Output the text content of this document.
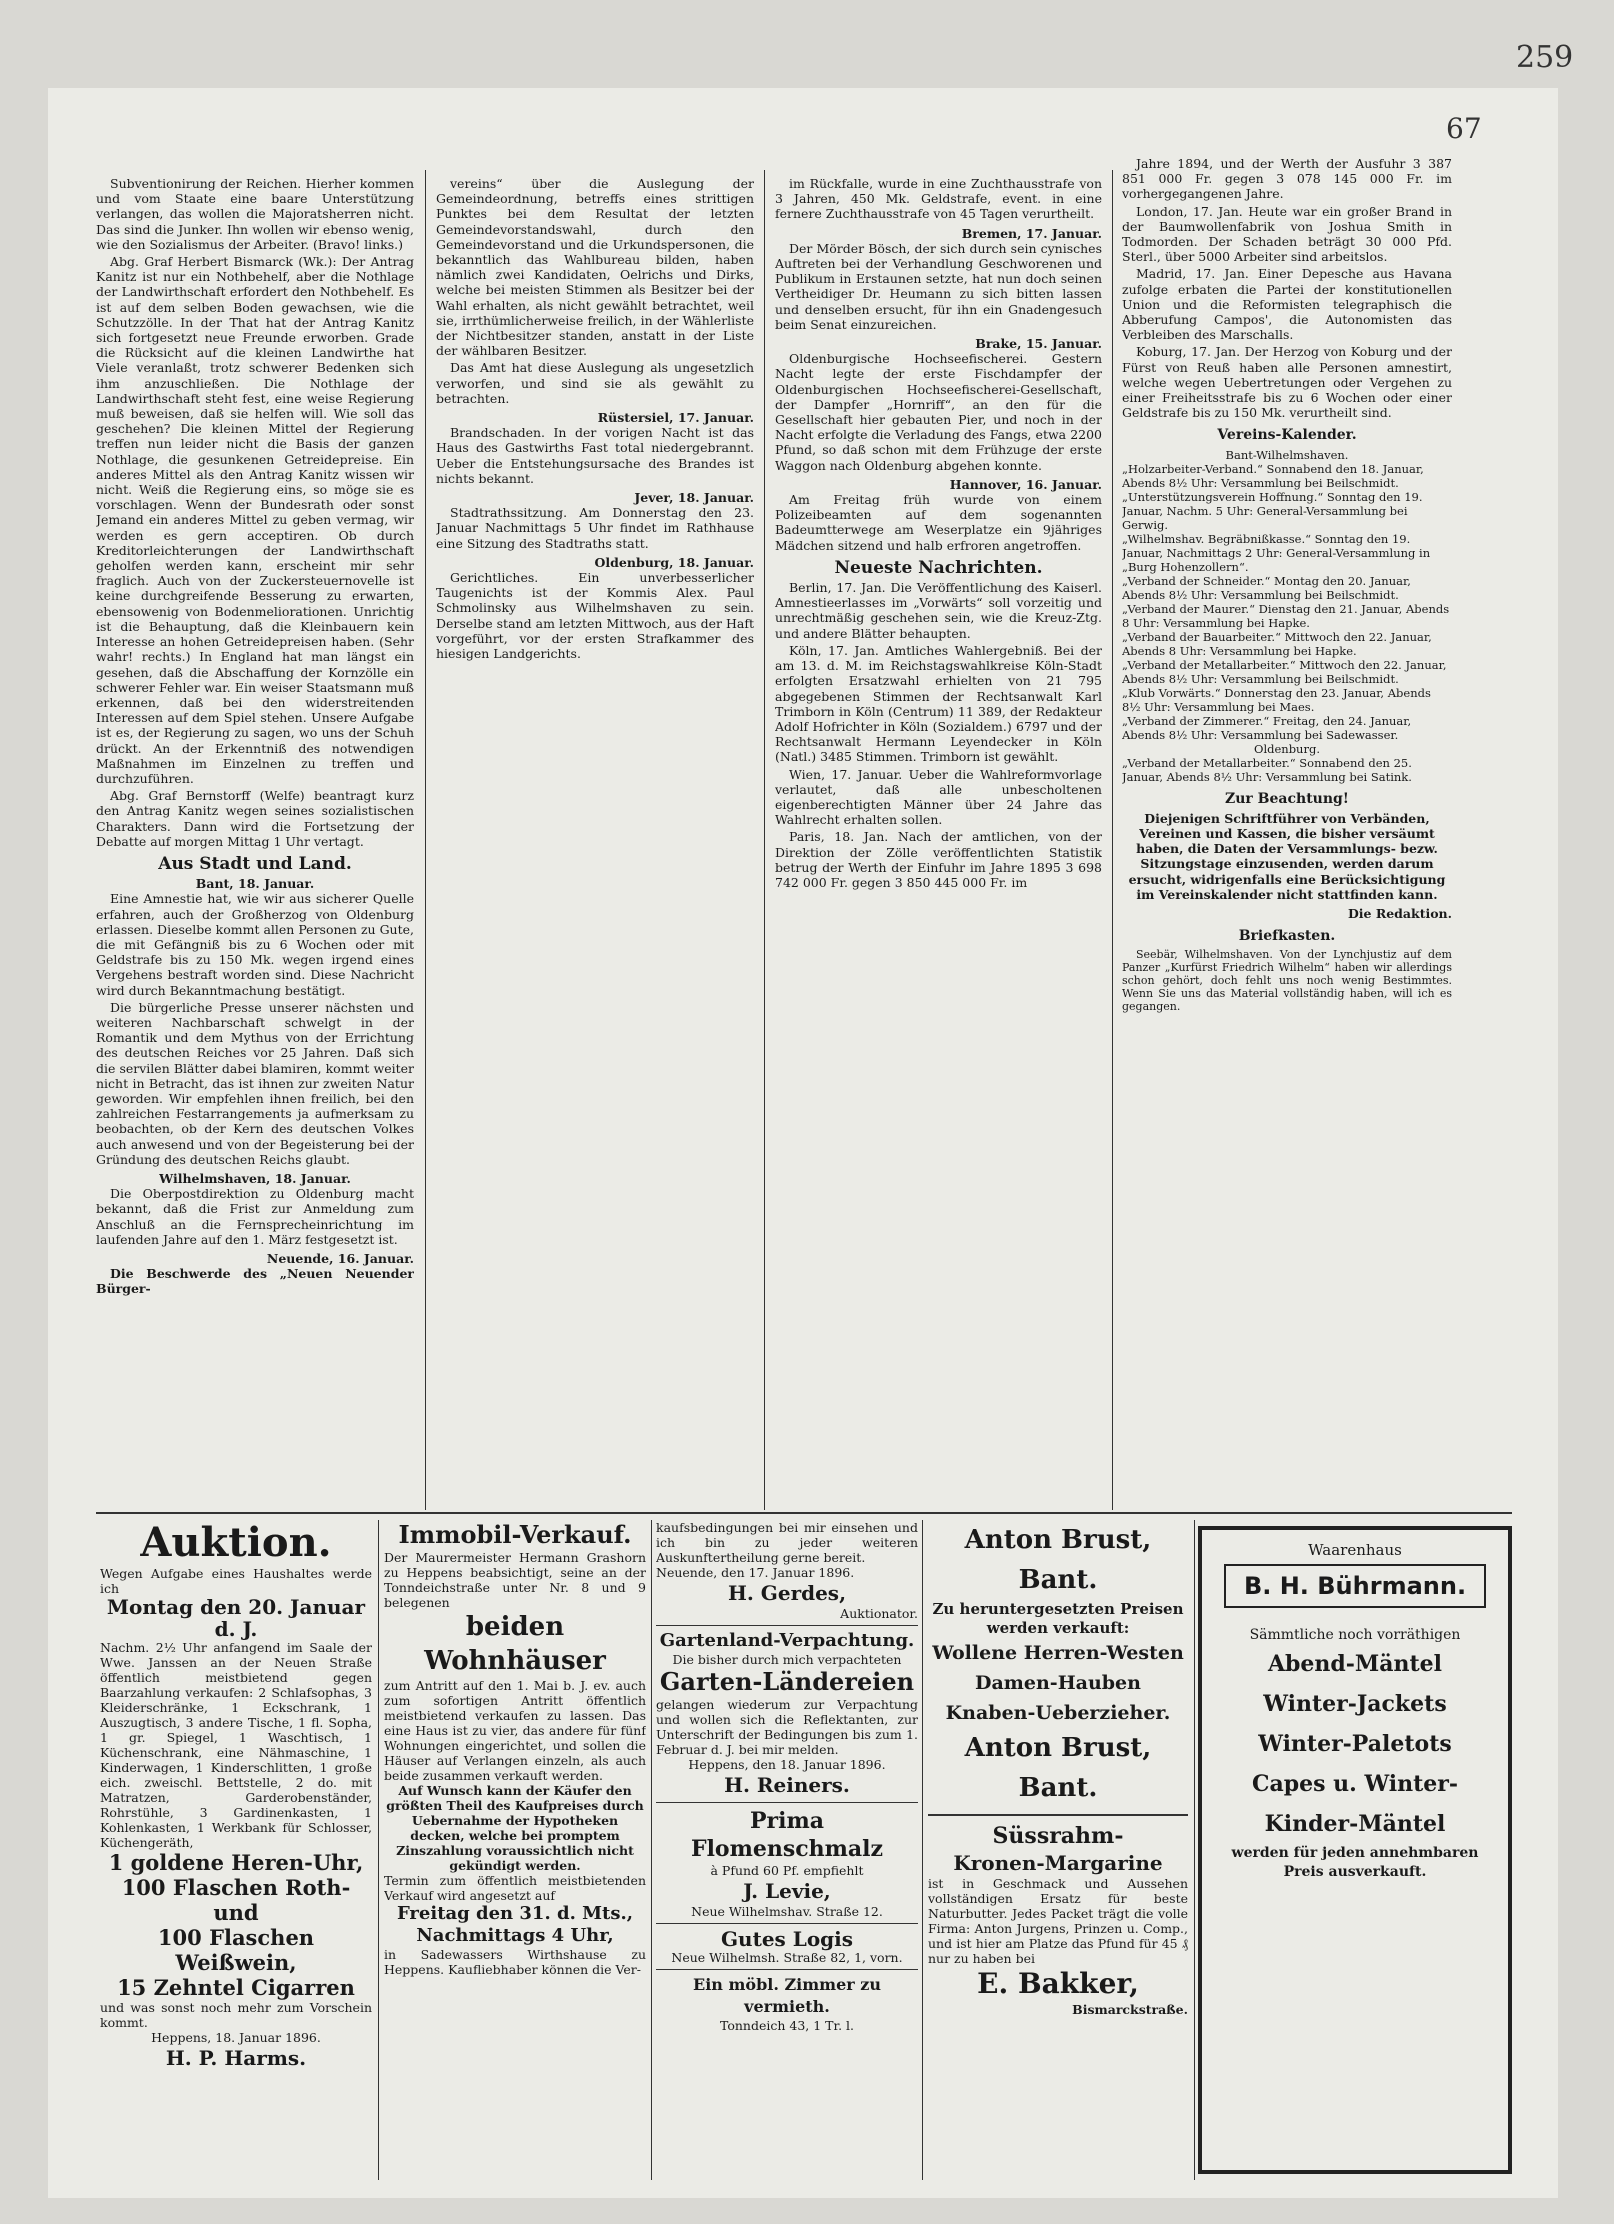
259
67

Subventionirung der Reichen. Hierher kommen und vom Staate eine baare Unterstützung verlangen, das wollen die Majoratsherren nicht. Das sind die Junker. Ihn wollen wir ebenso wenig, wie den Sozialismus der Arbeiter. (Bravo! links.)

Abg. Graf Herbert Bismarck (Wk.): Der Antrag Kanitz ist nur ein Nothbehelf, aber die Nothlage der Landwirthschaft erfordert den Nothbehelf. Es ist auf dem selben Boden gewachsen, wie die Schutzzölle. In der That hat der Antrag Kanitz sich fortgesetzt neue Freunde erworben. Grade die Rücksicht auf die kleinen Landwirthe hat Viele veranlaßt, trotz schwerer Bedenken sich ihm anzuschließen. Die Nothlage der Landwirthschaft steht fest, eine weise Regierung muß beweisen, daß sie helfen will. Wie soll das geschehen? Die kleinen Mittel der Regierung treffen nun leider nicht die Basis der ganzen Nothlage, die gesunkenen Getreidepreise. Ein anderes Mittel als den Antrag Kanitz wissen wir nicht. Weiß die Regierung eins, so möge sie es vorschlagen. Wenn der Bundesrath oder sonst Jemand ein anderes Mittel zu geben vermag, wir werden es gern acceptiren. Ob durch Kreditorleichterungen der Landwirthschaft geholfen werden kann, erscheint mir sehr fraglich. Auch von der Zuckersteuernovelle ist keine durchgreifende Besserung zu erwarten, ebensowenig von Bodenmeliorationen. Unrichtig ist die Behauptung, daß die Kleinbauern kein Interesse an hohen Getreidepreisen haben. (Sehr wahr! rechts.) In England hat man längst ein gesehen, daß die Abschaffung der Kornzölle ein schwerer Fehler war. Ein weiser Staatsmann muß erkennen, daß bei den widerstreitenden Interessen auf dem Spiel stehen. Unsere Aufgabe ist es, der Regierung zu sagen, wo uns der Schuh drückt. An der Erkenntniß des notwendigen Maßnahmen im Einzelnen zu treffen und durchzuführen.

Abg. Graf Bernstorff (Welfe) beantragt kurz den Antrag Kanitz wegen seines sozialistischen Charakters. Dann wird die Fortsetzung der Debatte auf morgen Mittag 1 Uhr vertagt.

Aus Stadt und Land.
Bant, 18. Januar.

Eine Amnestie hat, wie wir aus sicherer Quelle erfahren, auch der Großherzog von Oldenburg erlassen. Dieselbe kommt allen Personen zu Gute, die mit Gefängniß bis zu 6 Wochen oder mit Geldstrafe bis zu 150 Mk. wegen irgend eines Vergehens bestraft worden sind. Diese Nachricht wird durch Bekanntmachung bestätigt.

Die bürgerliche Presse unserer nächsten und weiteren Nachbarschaft schwelgt in der Romantik und dem Mythus von der Errichtung des deutschen Reiches vor 25 Jahren. Daß sich die servilen Blätter dabei blamiren, kommt weiter nicht in Betracht, das ist ihnen zur zweiten Natur geworden. Wir empfehlen ihnen freilich, bei den zahlreichen Festarrangements ja aufmerksam zu beobachten, ob der Kern des deutschen Volkes auch anwesend und von der Begeisterung bei der Gründung des deutschen Reichs glaubt.

Wilhelmshaven, 18. Januar.

Die Oberpostdirektion zu Oldenburg macht bekannt, daß die Frist zur Anmeldung zum Anschluß an die Fernsprecheinrichtung im laufenden Jahre auf den 1. März festgesetzt ist.

Neuende, 16. Januar.

Die Beschwerde des „Neuen Neuender Bürger-

vereins“ über die Auslegung der Gemeindeordnung, betreffs eines strittigen Punktes bei dem Resultat der letzten Gemeindevorstandswahl, durch den Gemeindevorstand und die Urkundspersonen, die bekanntlich das Wahlbureau bilden, haben nämlich zwei Kandidaten, Oelrichs und Dirks, welche bei meisten Stimmen als Besitzer bei der Wahl erhalten, als nicht gewählt betrachtet, weil sie, irrthümlicherweise freilich, in der Wählerliste der Nichtbesitzer standen, anstatt in der Liste der wählbaren Besitzer.

Das Amt hat diese Auslegung als ungesetzlich verworfen, und sind sie als gewählt zu betrachten.

Rüstersiel, 17. Januar.

Brandschaden. In der vorigen Nacht ist das Haus des Gastwirths Fast total niedergebrannt. Ueber die Entstehungsursache des Brandes ist nichts bekannt.

Jever, 18. Januar.

Stadtrathssitzung. Am Donnerstag den 23. Januar Nachmittags 5 Uhr findet im Rathhause eine Sitzung des Stadtraths statt.

Oldenburg, 18. Januar.

Gerichtliches. Ein unverbesserlicher Taugenichts ist der Kommis Alex. Paul Schmolinsky aus Wilhelmshaven zu sein. Derselbe stand am letzten Mittwoch, aus der Haft vorgeführt, vor der ersten Strafkammer des hiesigen Landgerichts.

im Rückfalle, wurde in eine Zuchthausstrafe von 3 Jahren, 450 Mk. Geldstrafe, event. in eine fernere Zuchthausstrafe von 45 Tagen verurtheilt.

Bremen, 17. Januar.

Der Mörder Bösch, der sich durch sein cynisches Auftreten bei der Verhandlung Geschworenen und Publikum in Erstaunen setzte, hat nun doch seinen Vertheidiger Dr. Heumann zu sich bitten lassen und denselben ersucht, für ihn ein Gnadengesuch beim Senat einzureichen.

Brake, 15. Januar.

Oldenburgische Hochseefischerei. Gestern Nacht legte der erste Fischdampfer der Oldenburgischen Hochseefischerei-Gesellschaft, der Dampfer „Hornriff“, an den für die Gesellschaft hier gebauten Pier, und noch in der Nacht erfolgte die Verladung des Fangs, etwa 2200 Pfund, so daß schon mit dem Frühzuge der erste Waggon nach Oldenburg abgehen konnte.

Hannover, 16. Januar.

Am Freitag früh wurde von einem Polizeibeamten auf dem sogenannten Badeumtterwege am Weserplatze ein 9jähriges Mädchen sitzend und halb erfroren angetroffen.

Neueste Nachrichten.

Berlin, 17. Jan. Die Veröffentlichung des Kaiserl. Amnestieerlasses im „Vorwärts“ soll vorzeitig und unrechtmäßig geschehen sein, wie die Kreuz-Ztg. und andere Blätter behaupten.

Köln, 17. Jan. Amtliches Wahlergebniß. Bei der am 13. d. M. im Reichstagswahlkreise Köln-Stadt erfolgten Ersatzwahl erhielten von 21 795 abgegebenen Stimmen der Rechtsanwalt Karl Trimborn in Köln (Centrum) 11 389, der Redakteur Adolf Hofrichter in Köln (Sozialdem.) 6797 und der Rechtsanwalt Hermann Leyendecker in Köln (Natl.) 3485 Stimmen. Trimborn ist gewählt.

Wien, 17. Januar. Ueber die Wahlreformvorlage verlautet, daß alle unbescholtenen eigenberechtigten Männer über 24 Jahre das Wahlrecht erhalten sollen.

Paris, 18. Jan. Nach der amtlichen, von der Direktion der Zölle veröffentlichten Statistik betrug der Werth der Einfuhr im Jahre 1895 3 698 742 000 Fr. gegen 3 850 445 000 Fr. im

Jahre 1894, und der Werth der Ausfuhr 3 387 851 000 Fr. gegen 3 078 145 000 Fr. im vorhergegangenen Jahre.

London, 17. Jan. Heute war ein großer Brand in der Baumwollenfabrik von Joshua Smith in Todmorden. Der Schaden beträgt 30 000 Pfd. Sterl., über 5000 Arbeiter sind arbeitslos.

Madrid, 17. Jan. Einer Depesche aus Havana zufolge erbaten die Partei der konstitutionellen Union und die Reformisten telegraphisch die Abberufung Campos', die Autonomisten das Verbleiben des Marschalls.

Koburg, 17. Jan. Der Herzog von Koburg und der Fürst von Reuß haben alle Personen amnestirt, welche wegen Uebertretungen oder Vergehen zu einer Freiheitsstrafe bis zu 6 Wochen oder einer Geldstrafe bis zu 150 Mk. verurtheilt sind.

Vereins-Kalender.
Bant-Wilhelmshaven.
„Holzarbeiter-Verband.“ Sonnabend den 18. Januar, Abends 8½ Uhr: Versammlung bei Beilschmidt.
„Unterstützungsverein Hoffnung.“ Sonntag den 19. Januar, Nachm. 5 Uhr: General-Versammlung bei Gerwig.
„Wilhelmshav. Begräbnißkasse.“ Sonntag den 19. Januar, Nachmittags 2 Uhr: General-Versammlung in „Burg Hohenzollern“.
„Verband der Schneider.“ Montag den 20. Januar, Abends 8½ Uhr: Versammlung bei Beilschmidt.
„Verband der Maurer.“ Dienstag den 21. Januar, Abends 8 Uhr: Versammlung bei Hapke.
„Verband der Bauarbeiter.“ Mittwoch den 22. Januar, Abends 8 Uhr: Versammlung bei Hapke.
„Verband der Metallarbeiter.“ Mittwoch den 22. Januar, Abends 8½ Uhr: Versammlung bei Beilschmidt.
„Klub Vorwärts.“ Donnerstag den 23. Januar, Abends 8½ Uhr: Versammlung bei Maes.
„Verband der Zimmerer.“ Freitag, den 24. Januar, Abends 8½ Uhr: Versammlung bei Sadewasser.
Oldenburg.
„Verband der Metallarbeiter.“ Sonnabend den 25. Januar, Abends 8½ Uhr: Versammlung bei Satink.
Zur Beachtung!

Diejenigen Schriftführer von Verbänden, Vereinen und Kassen, die bisher versäumt haben, die Daten der Versammlungs- bezw. Sitzungstage einzusenden, werden darum ersucht, widrigenfalls eine Berücksichtigung im Vereinskalender nicht stattfinden kann.

Die Redaktion.
Briefkasten.

Seebär, Wilhelmshaven. Von der Lynchjustiz auf dem Panzer „Kurfürst Friedrich Wilhelm“ haben wir allerdings schon gehört, doch fehlt uns noch wenig Bestimmtes. Wenn Sie uns das Material vollständig haben, will ich es gegangen.

Auktion.
Wegen Aufgabe eines Haushaltes werde ich
Montag den 20. Januar d. J.
Nachm. 2½ Uhr anfangend im Saale der Wwe. Janssen an der Neuen Straße öffentlich meistbietend gegen Baarzahlung verkaufen: 2 Schlafsophas, 3 Kleiderschränke, 1 Eckschrank, 1 Auszugtisch, 3 andere Tische, 1 fl. Sopha, 1 gr. Spiegel, 1 Waschtisch, 1 Küchenschrank, eine Nähmaschine, 1 Kinderwagen, 1 Kinderschlitten, 1 große eich. zweischl. Bettstelle, 2 do. mit Matratzen, Garderobenständer, Rohrstühle, 3 Gardinenkasten, 1 Kohlenkasten, 1 Werkbank für Schlosser, Küchengeräth,
1 goldene Heren-Uhr,
100 Flaschen Roth- und
100 Flaschen Weißwein,
15 Zehntel Cigarren
und was sonst noch mehr zum Vorschein kommt.
Heppens, 18. Januar 1896.
H. P. Harms.
Immobil-Verkauf.
Der Maurermeister Hermann Grashorn zu Heppens beabsichtigt, seine an der Tonndeichstraße unter Nr. 8 und 9 belegenen
beiden Wohnhäuser
zum Antritt auf den 1. Mai b. J. ev. auch zum sofortigen Antritt öffentlich meistbietend verkaufen zu lassen. Das eine Haus ist zu vier, das andere für fünf Wohnungen eingerichtet, und sollen die Häuser auf Verlangen einzeln, als auch beide zusammen verkauft werden.
Auf Wunsch kann der Käufer den größten Theil des Kaufpreises durch Uebernahme der Hypotheken decken, welche bei promptem Zinszahlung voraussichtlich nicht gekündigt werden.
Termin zum öffentlich meistbietenden Verkauf wird angesetzt auf
Freitag den 31. d. Mts.,
Nachmittags 4 Uhr,
in Sadewassers Wirthshause zu Heppens. Kaufliebhaber können die Ver-
kaufsbedingungen bei mir einsehen und ich bin zu jeder weiteren Auskunftertheilung gerne bereit.
Neuende, den 17. Januar 1896.
H. Gerdes,
Auktionator.
Gartenland-Verpachtung.
Die bisher durch mich verpachteten
Garten-Ländereien
gelangen wiederum zur Verpachtung und wollen sich die Reflektanten, zur Unterschrift der Bedingungen bis zum 1. Februar d. J. bei mir melden.
Heppens, den 18. Januar 1896.
H. Reiners.
Prima Flomenschmalz
à Pfund 60 Pf. empfiehlt
J. Levie,
Neue Wilhelmshav. Straße 12.
Gutes Logis
Neue Wilhelmsh. Straße 82, 1, vorn.
Ein möbl. Zimmer zu vermieth.
Tonndeich 43, 1 Tr. l.
Anton Brust, Bant.
Zu heruntergesetzten Preisen werden verkauft:
Wollene Herren-Westen
Damen-Hauben
Knaben-Ueberzieher.
Anton Brust, Bant.
Süssrahm-
Kronen-Margarine
ist in Geschmack und Aussehen vollständigen Ersatz für beste Naturbutter. Jedes Packet trägt die volle Firma: Anton Jurgens, Prinzen u. Comp., und ist hier am Platze das Pfund für 45 ₰ nur zu haben bei
E. Bakker,
Bismarckstraße.
Waarenhaus
B. H. Bührmann.
Sämmtliche noch vorräthigen
Abend-Mäntel
Winter-Jackets
Winter-Paletots
Capes u. Winter-
Kinder-Mäntel
werden für jeden annehmbaren Preis ausverkauft.
